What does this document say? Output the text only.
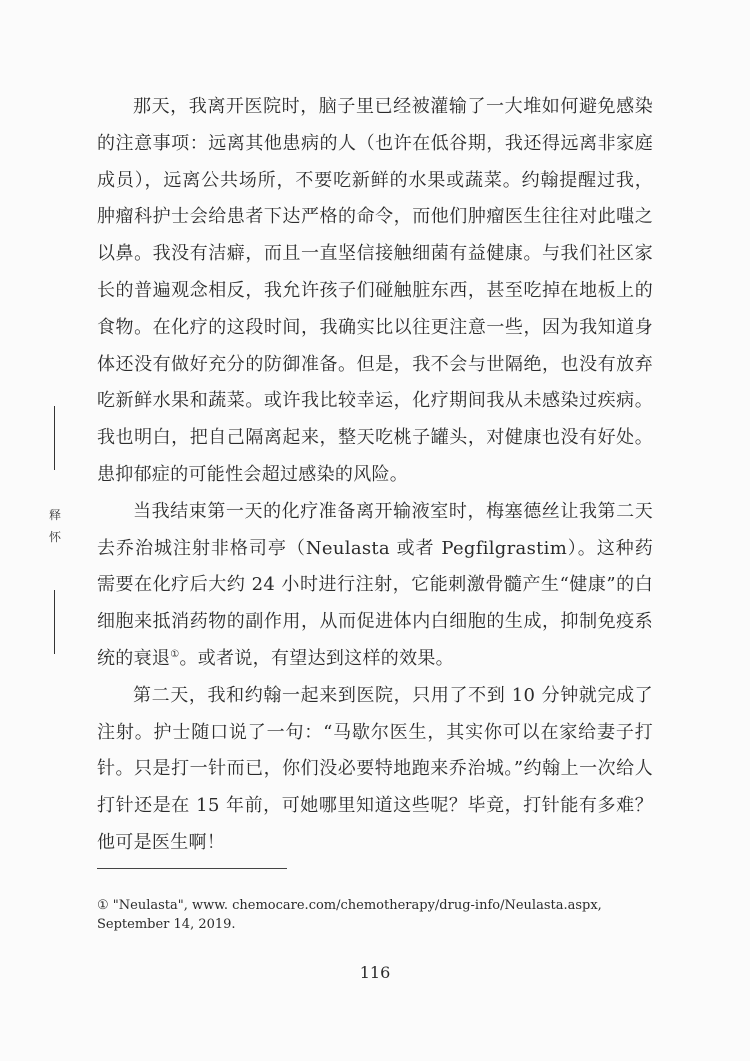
那天，我离开医院时，脑子里已经被灌输了一大堆如何避免感染的注意事项：远离其他患病的人（也许在低谷期，我还得远离非家庭成员），远离公共场所，不要吃新鲜的水果或蔬菜。约翰提醒过我，肿瘤科护士会给患者下达严格的命令，而他们肿瘤医生往往对此嗤之以鼻。我没有洁癖，而且一直坚信接触细菌有益健康。与我们社区家长的普遍观念相反，我允许孩子们碰触脏东西，甚至吃掉在地板上的食物。在化疗的这段时间，我确实比以往更注意一些，因为我知道身体还没有做好充分的防御准备。但是，我不会与世隔绝，也没有放弃吃新鲜水果和蔬菜。或许我比较幸运，化疗期间我从未感染过疾病。我也明白，把自己隔离起来，整天吃桃子罐头，对健康也没有好处。患抑郁症的可能性会超过感染的风险。

当我结束第一天的化疗准备离开输液室时，梅塞德丝让我第二天去乔治城注射非格司亭（Neulasta 或者 Pegfilgrastim）。这种药需要在化疗后大约 24 小时进行注射，它能刺激骨髓产生“健康”的白细胞来抵消药物的副作用，从而促进体内白细胞的生成，抑制免疫系统的衰退①。或者说，有望达到这样的效果。

第二天，我和约翰一起来到医院，只用了不到 10 分钟就完成了注射。护士随口说了一句：“马歇尔医生，其实你可以在家给妻子打针。只是打一针而已，你们没必要特地跑来乔治城。”约翰上一次给人打针还是在 15 年前，可她哪里知道这些呢？毕竟，打针能有多难？他可是医生啊！

释
怀
① "Neulasta", www. chemocare.com/chemotherapy/drug-info/Neulasta.aspx, September 14, 2019.
116
